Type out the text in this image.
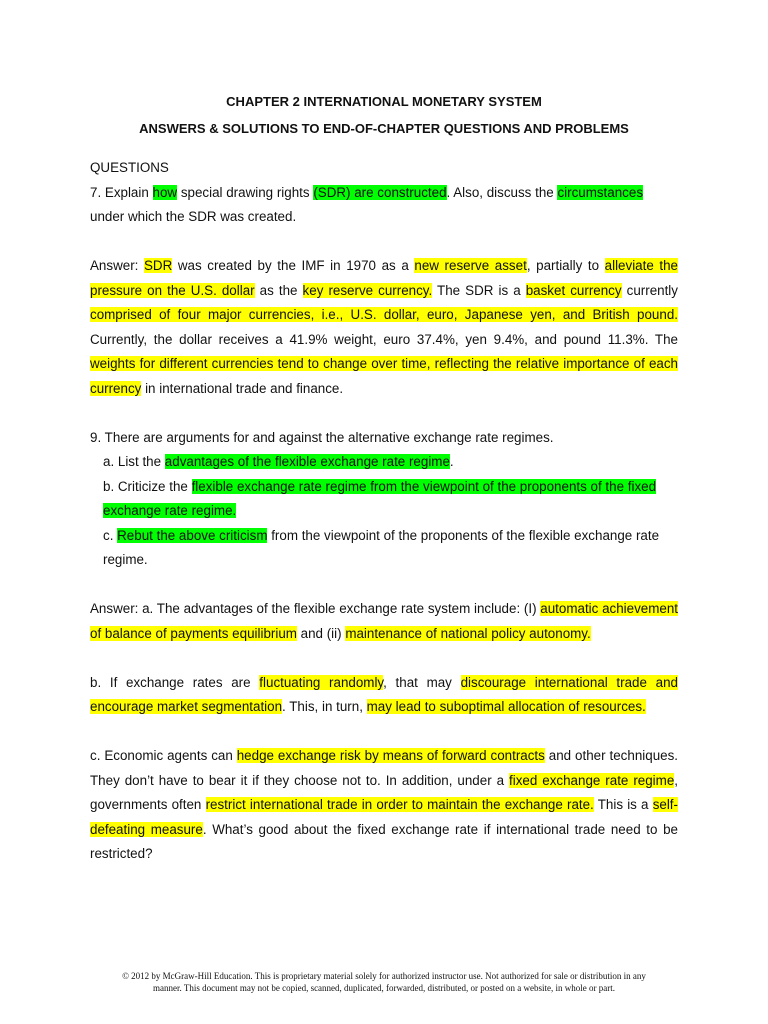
CHAPTER 2 INTERNATIONAL MONETARY SYSTEM

ANSWERS & SOLUTIONS TO END-OF-CHAPTER QUESTIONS AND PROBLEMS

QUESTIONS

7. Explain how special drawing rights (SDR) are constructed. Also, discuss the circumstances

under which the SDR was created.

Answer: SDR was created by the IMF in 1970 as a new reserve asset, partially to alleviate the pressure on the U.S. dollar as the key reserve currency. The SDR is a basket currency currently comprised of four major currencies, i.e., U.S. dollar, euro, Japanese yen, and British pound. Currently, the dollar receives a 41.9% weight, euro 37.4%, yen 9.4%, and pound 11.3%. The weights for different currencies tend to change over time, reflecting the relative importance of each currency in international trade and finance.

9. There are arguments for and against the alternative exchange rate regimes.

a. List the advantages of the flexible exchange rate regime.

b. Criticize the flexible exchange rate regime from the viewpoint of the proponents of the fixed exchange rate regime.

c. Rebut the above criticism from the viewpoint of the proponents of the flexible exchange rate regime.

Answer: a. The advantages of the flexible exchange rate system include: (I) automatic achievement of balance of payments equilibrium and (ii) maintenance of national policy autonomy.

b. If exchange rates are fluctuating randomly, that may discourage international trade and encourage market segmentation. This, in turn, may lead to suboptimal allocation of resources.

c. Economic agents can hedge exchange risk by means of forward contracts and other techniques. They don’t have to bear it if they choose not to. In addition, under a fixed exchange rate regime, governments often restrict international trade in order to maintain the exchange rate. This is a self-defeating measure. What’s good about the fixed exchange rate if international trade need to be restricted?

© 2012 by McGraw-Hill Education. This is proprietary material solely for authorized instructor use. Not authorized for sale or distribution in any
manner. This document may not be copied, scanned, duplicated, forwarded, distributed, or posted on a website, in whole or part.
